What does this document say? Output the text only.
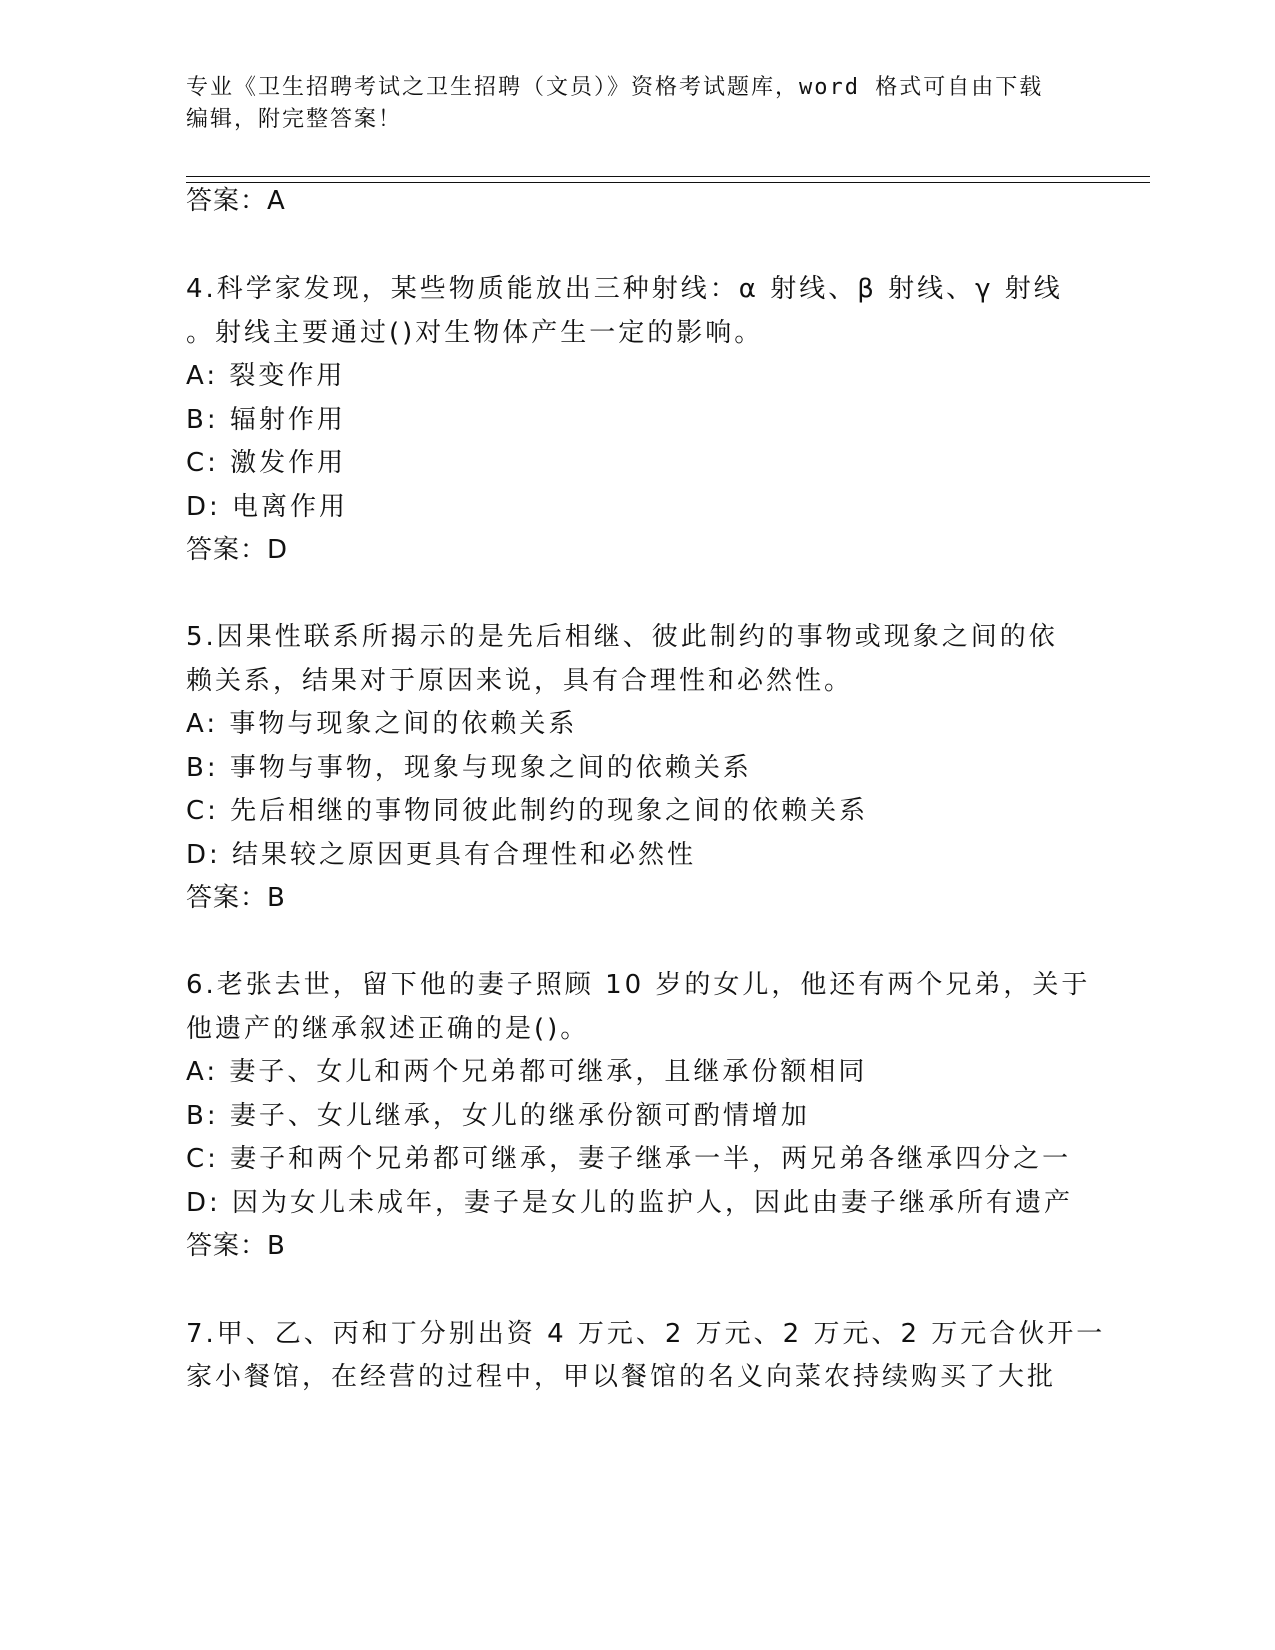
专业《卫生招聘考试之卫生招聘（文员）》资格考试题库，word 格式可自由下载
编辑，附完整答案！
答案：A
4.科学家发现，某些物质能放出三种射线：α 射线、β 射线、γ 射线
。射线主要通过()对生物体产生一定的影响。
A: 裂变作用
B: 辐射作用
C: 激发作用
D: 电离作用
答案：D
5.因果性联系所揭示的是先后相继、彼此制约的事物或现象之间的依
赖关系，结果对于原因来说，具有合理性和必然性。
A: 事物与现象之间的依赖关系
B: 事物与事物，现象与现象之间的依赖关系
C: 先后相继的事物同彼此制约的现象之间的依赖关系
D: 结果较之原因更具有合理性和必然性
答案：B
6.老张去世，留下他的妻子照顾 10 岁的女儿，他还有两个兄弟，关于
他遗产的继承叙述正确的是()。
A: 妻子、女儿和两个兄弟都可继承，且继承份额相同
B: 妻子、女儿继承，女儿的继承份额可酌情增加
C: 妻子和两个兄弟都可继承，妻子继承一半，两兄弟各继承四分之一
D: 因为女儿未成年，妻子是女儿的监护人，因此由妻子继承所有遗产
答案：B
7.甲、乙、丙和丁分别出资 4 万元、2 万元、2 万元、2 万元合伙开一
家小餐馆，在经营的过程中，甲以餐馆的名义向菜农持续购买了大批
